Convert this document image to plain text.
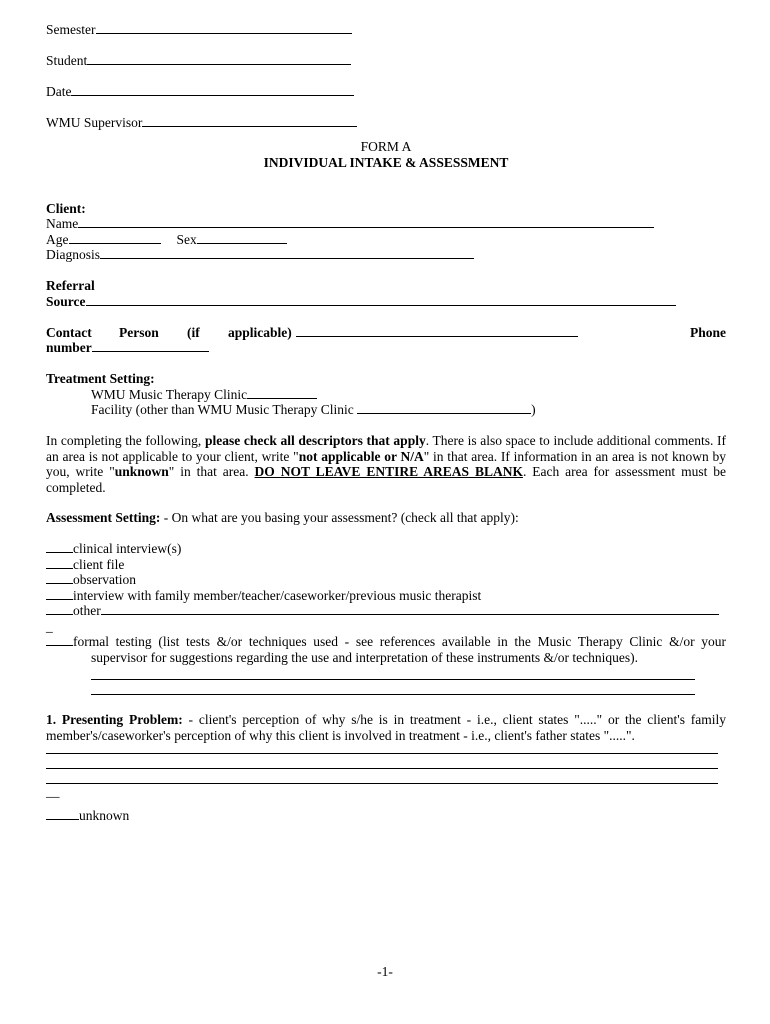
Semester
Student
Date
WMU Supervisor
FORM A
INDIVIDUAL INTAKE & ASSESSMENT
Client:
Name
Age	Sex
Diagnosis
Referral
Source
Contact Person (if applicable)	Phone
number
Treatment Setting:
WMU Music Therapy Clinic
Facility (other than WMU Music Therapy Clinic	)
In completing the following, please check all descriptors that apply. There is also space to include additional comments. If an area is not applicable to your client, write "not applicable or N/A" in that area. If information in an area is not known by you, write "unknown" in that area. DO NOT LEAVE ENTIRE AREAS BLANK. Each area for assessment must be completed.
Assessment Setting: - On what are you basing your assessment? (check all that apply):
clinical interview(s)
client file
observation
interview with family member/teacher/caseworker/previous music therapist
other
_
formal testing (list tests &/or techniques used - see references available in the Music Therapy Clinic &/or your
supervisor for suggestions regarding the use and interpretation of these instruments &/or techniques).
1. Presenting Problem: - client's perception of why s/he is in treatment - i.e., client states "....." or the client's family member's/caseworker's perception of why this client is involved in treatment - i.e., client's father states ".....".
__
unknown
-1-
